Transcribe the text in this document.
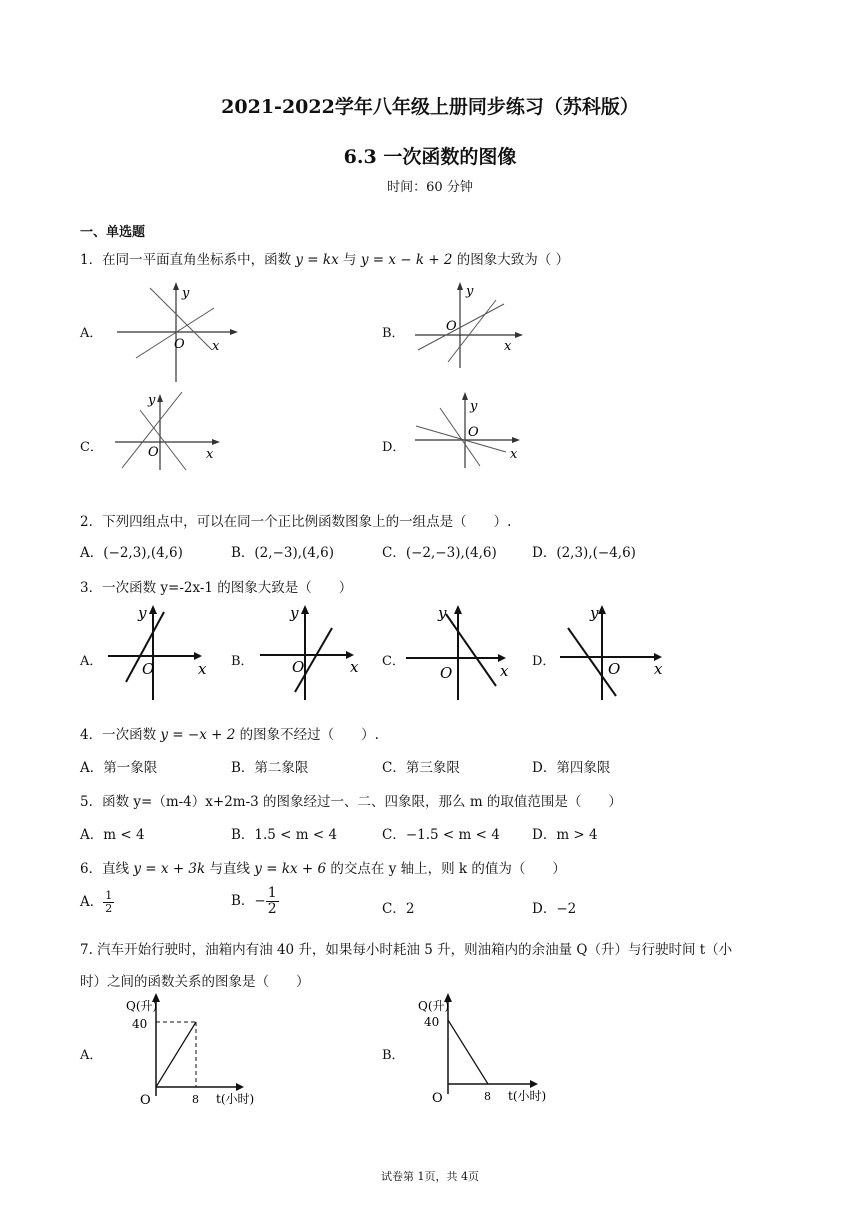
2021-2022学年八年级上册同步练习（苏科版）
6.3 一次函数的图像
时间：60 分钟
一、单选题
1．在同一平面直角坐标系中，函数 y = kx 与 y = x − k + 2 的图象大致为（ ）
A．
y
x
O
B．
y
x
O
C．
y
x
O	D．
y
x
O
2．下列四组点中，可以在同一个正比例函数图象上的一组点是（　　）.
A．(−2,3),(4,6)	B．(2,−3),(4,6)	C．(−2,−3),(4,6)	D．(2,3),(−4,6)
3．一次函数 y=-2x-1 的图象大致是（　　）
A．
y
x
O	B．
y
x
O	C．
y
x
O
D．
y
x
O
4．一次函数 y = −x + 2 的图象不经过（　　）.
A．第一象限	B．第二象限	C．第三象限	D．第四象限
5．函数 y=（m-4）x+2m-3 的图象经过一、二、四象限，那么 m 的取值范围是（　　）
A．m < 4	B．1.5 < m < 4	C．−1.5 < m < 4 D．m > 4
6．直线 y = x + 3k 与直线 y = kx + 6 的交点在 y 轴上，则 k 的值为（　　）
A． $\frac{1}{2}$	B．− $\frac{1}{2}$	C．2	D．−2
7. 汽车开始行驶时，油箱内有油 40 升，如果每小时耗油 5 升，则油箱内的余油量 Q（升）与行驶时间 t（小
时）之间的函数关系的图象是（　　）
A．
Q(升)
40
8 t(小时)
O
B．
Q(升)
40
8 t(小时)
O
试卷第 1页，共 4页
